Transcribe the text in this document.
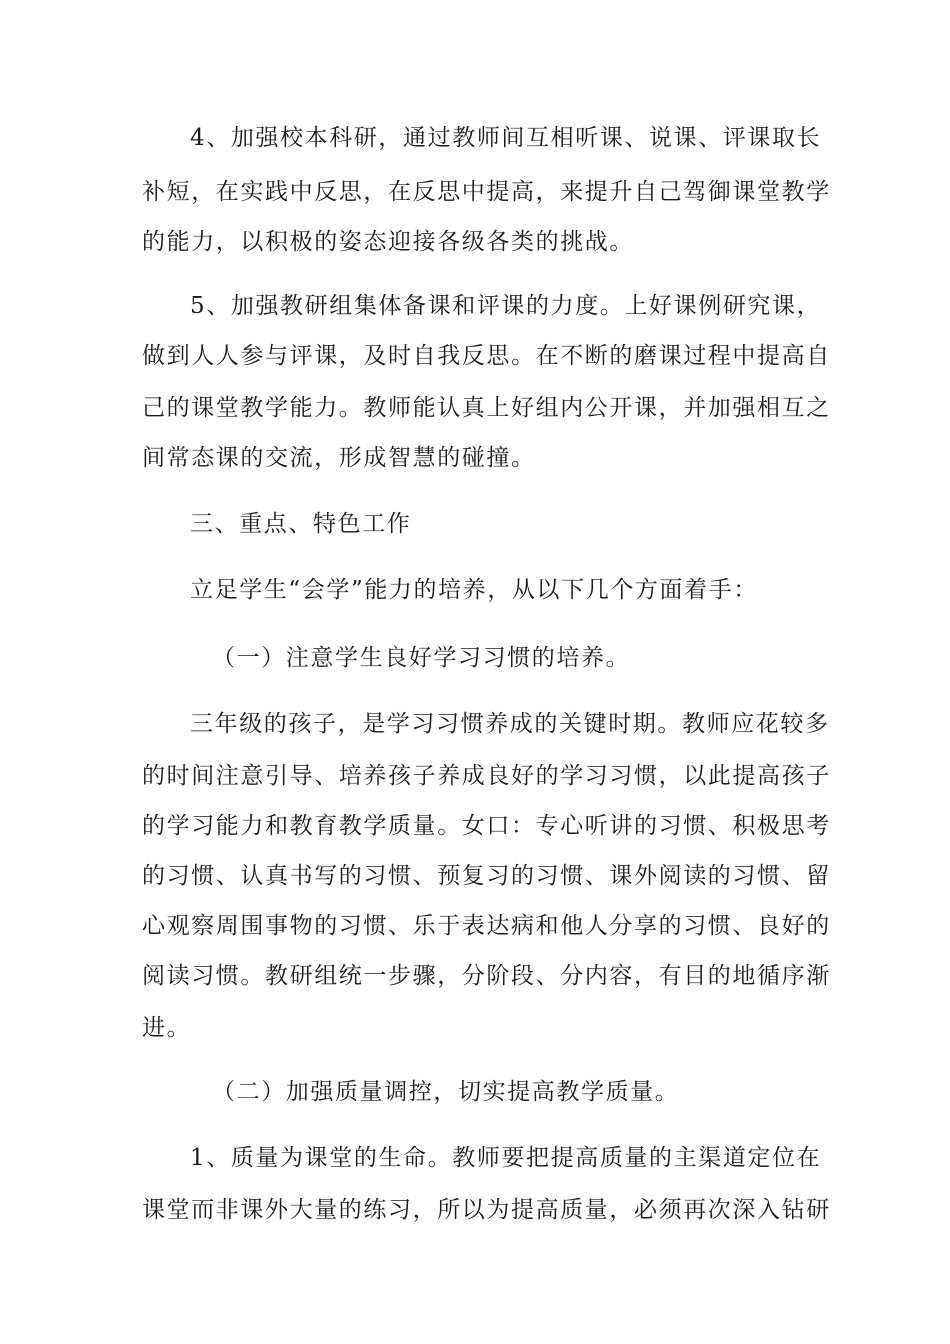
4、加强校本科研，通过教师间互相听课、说课、评课取长
补短，在实践中反思，在反思中提高，来提升自己驾御课堂教学
的能力，以积极的姿态迎接各级各类的挑战。
5、加强教研组集体备课和评课的力度。上好课例研究课，
做到人人参与评课，及时自我反思。在不断的磨课过程中提高自
己的课堂教学能力。教师能认真上好组内公开课，并加强相互之
间常态课的交流，形成智慧的碰撞。
三、重点、特色工作
立足学生“会学”能力的培养，从以下几个方面着手：
（一）注意学生良好学习习惯的培养。
三年级的孩子，是学习习惯养成的关键时期。教师应花较多
的时间注意引导、培养孩子养成良好的学习习惯，以此提高孩子
的学习能力和教育教学质量。女口：专心听讲的习惯、积极思考
的习惯、认真书写的习惯、预复习的习惯、课外阅读的习惯、留
心观察周围事物的习惯、乐于表达病和他人分享的习惯、良好的
阅读习惯。教研组统一步骤，分阶段、分内容，有目的地循序渐
进。
（二）加强质量调控，切实提高教学质量。
1、质量为课堂的生命。教师要把提高质量的主渠道定位在
课堂而非课外大量的练习，所以为提高质量，必须再次深入钻研
